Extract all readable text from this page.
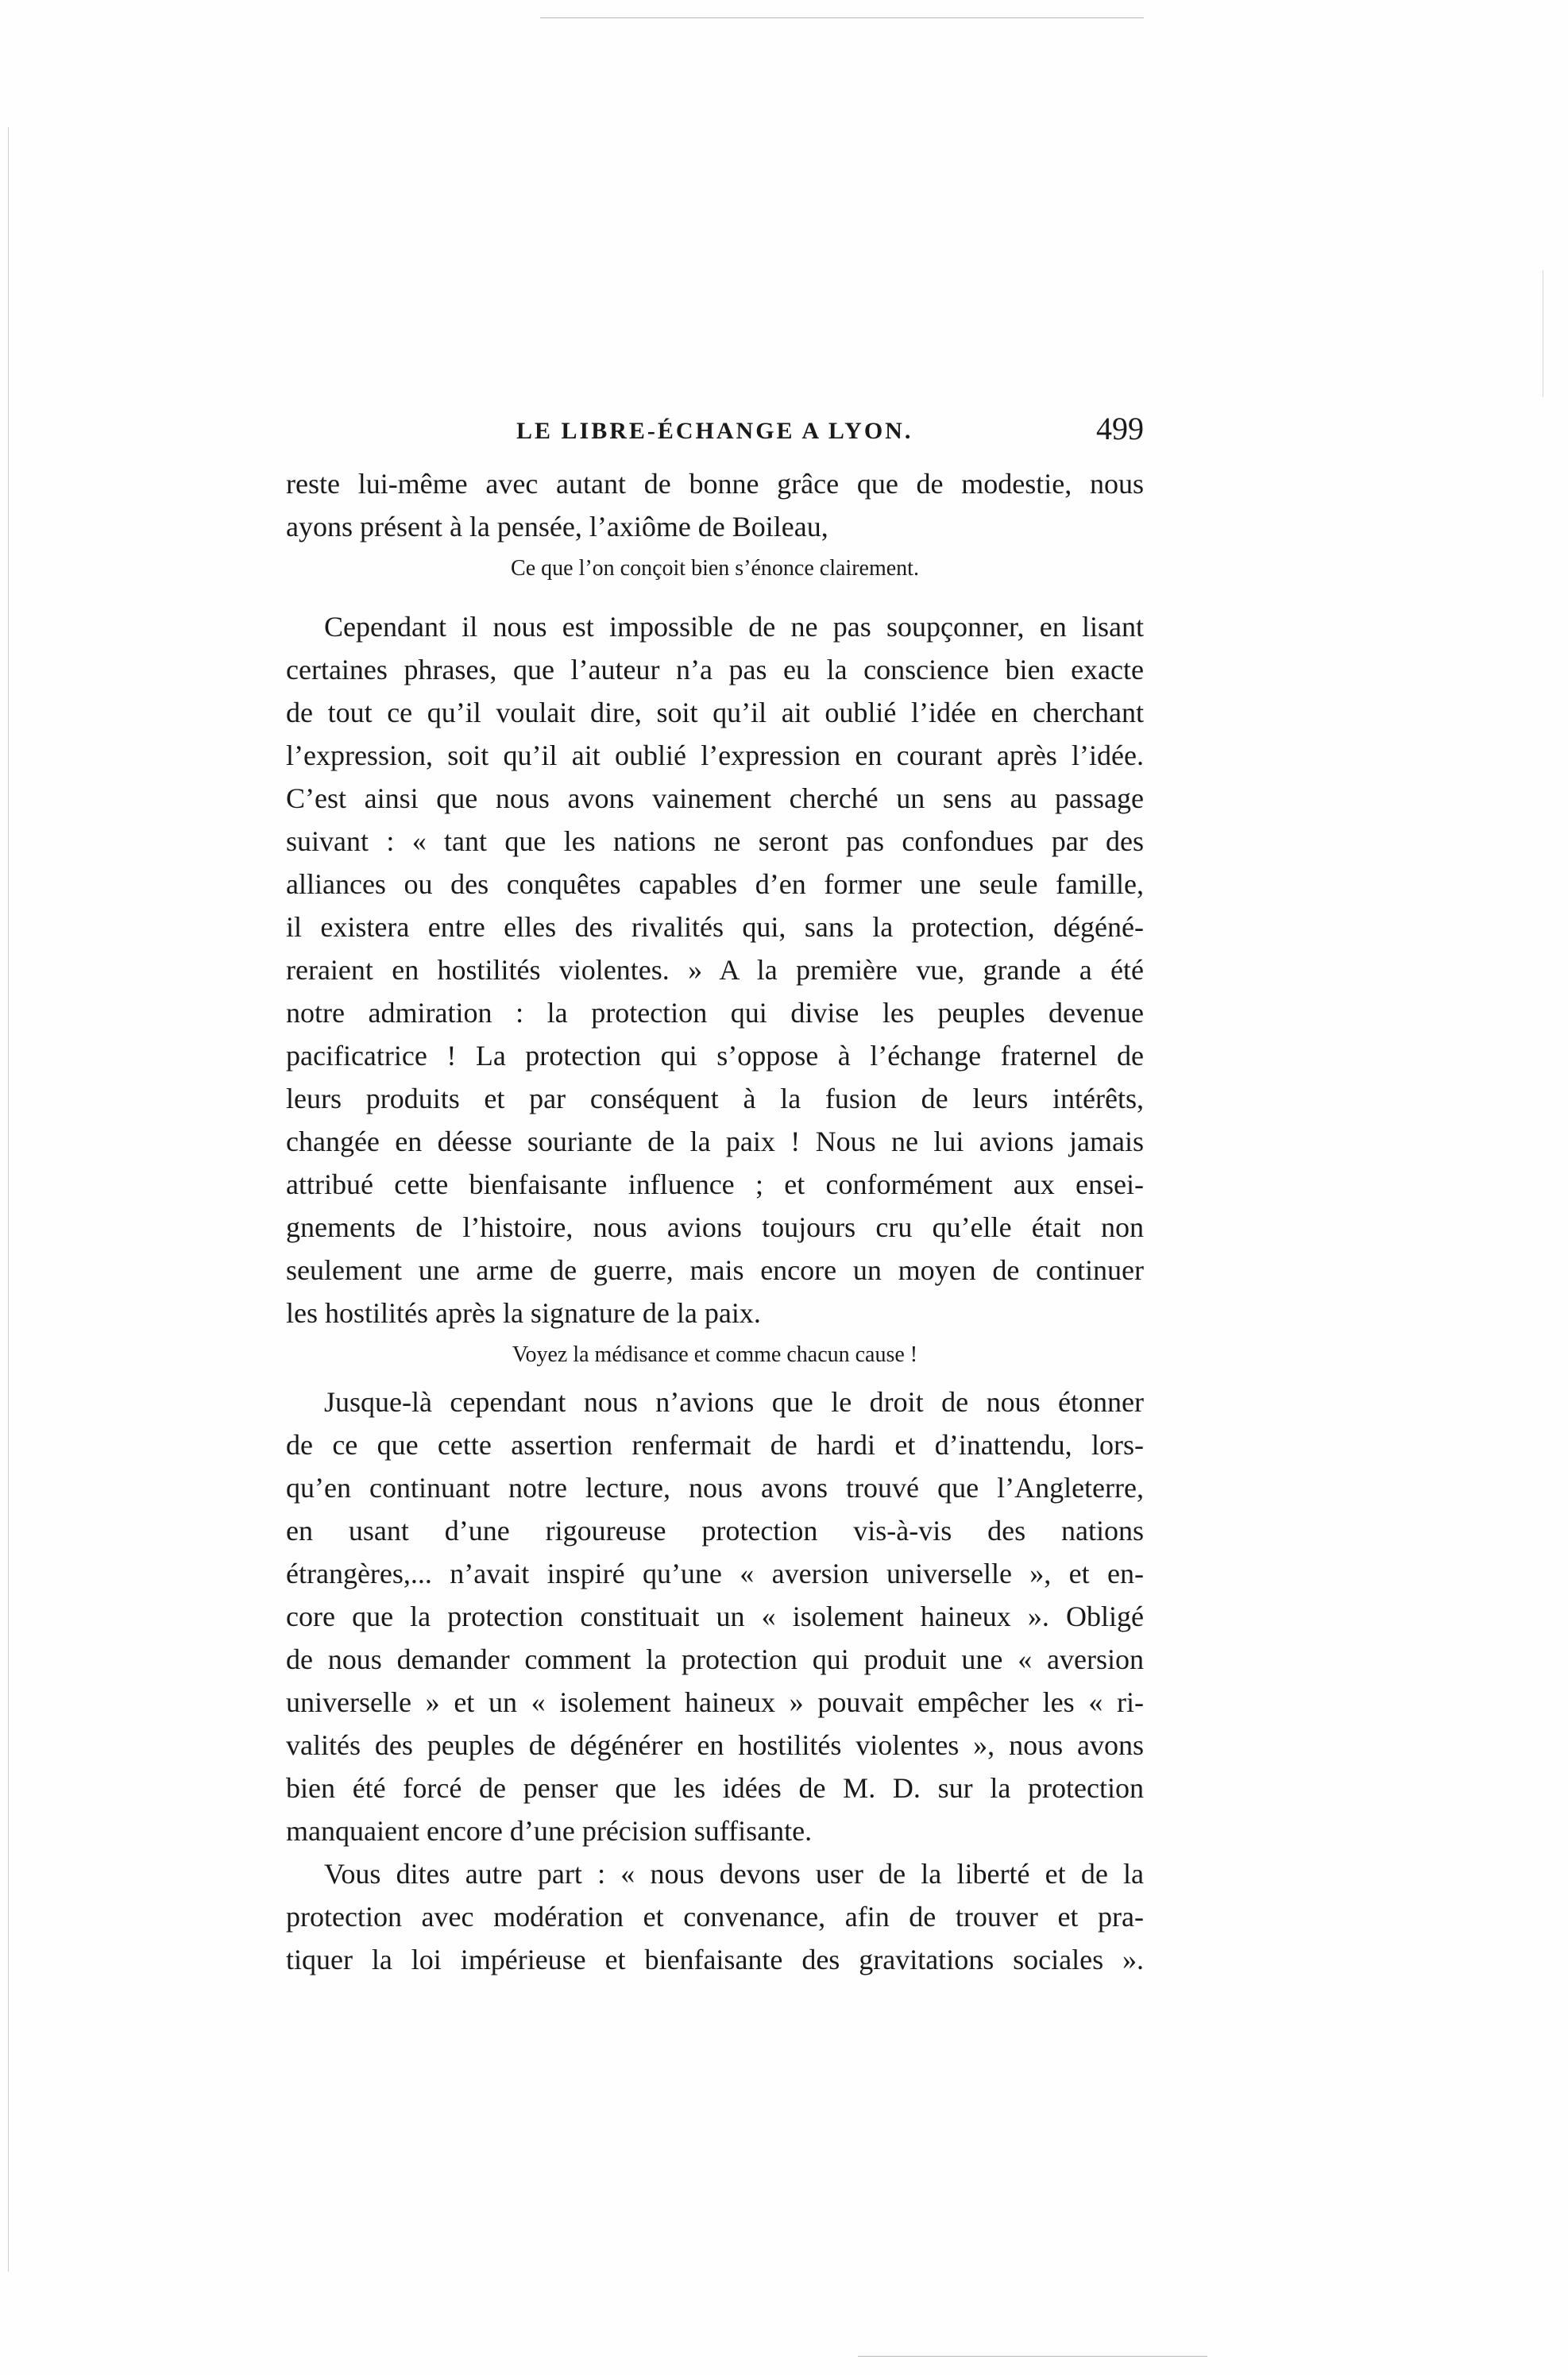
LE LIBRE-ÉCHANGE A LYON.	499
reste lui-même avec autant de bonne grâce que de modestie, nous
ayons présent à la pensée, l’axiôme de Boileau,
Ce que l’on conçoit bien s’énonce clairement.
Cependant il nous est impossible de ne pas soupçonner, en lisant
certaines phrases, que l’auteur n’a pas eu la conscience bien exacte
de tout ce qu’il voulait dire, soit qu’il ait oublié l’idée en cherchant
l’expression, soit qu’il ait oublié l’expression en courant après l’idée.
C’est ainsi que nous avons vainement cherché un sens au passage
suivant : « tant que les nations ne seront pas confondues par des
alliances ou des conquêtes capables d’en former une seule famille,
il existera entre elles des rivalités qui, sans la protection, dégéné-
reraient en hostilités violentes. » A la première vue, grande a été
notre admiration : la protection qui divise les peuples devenue
pacificatrice ! La protection qui s’oppose à l’échange fraternel de
leurs produits et par conséquent à la fusion de leurs intérêts,
changée en déesse souriante de la paix ! Nous ne lui avions jamais
attribué cette bienfaisante influence ; et conformément aux ensei-
gnements de l’histoire, nous avions toujours cru qu’elle était non
seulement une arme de guerre, mais encore un moyen de continuer
les hostilités après la signature de la paix.
Voyez la médisance et comme chacun cause !
Jusque-là cependant nous n’avions que le droit de nous étonner
de ce que cette assertion renfermait de hardi et d’inattendu, lors-
qu’en continuant notre lecture, nous avons trouvé que l’Angleterre,
en usant d’une rigoureuse protection vis-à-vis des nations
étrangères,... n’avait inspiré qu’une « aversion universelle », et en-
core que la protection constituait un « isolement haineux ». Obligé
de nous demander comment la protection qui produit une « aversion
universelle » et un « isolement haineux » pouvait empêcher les « ri-
valités des peuples de dégénérer en hostilités violentes », nous avons
bien été forcé de penser que les idées de M. D. sur la protection
manquaient encore d’une précision suffisante.
Vous dites autre part : « nous devons user de la liberté et de la
protection avec modération et convenance, afin de trouver et pra-
tiquer la loi impérieuse et bienfaisante des gravitations sociales ».
